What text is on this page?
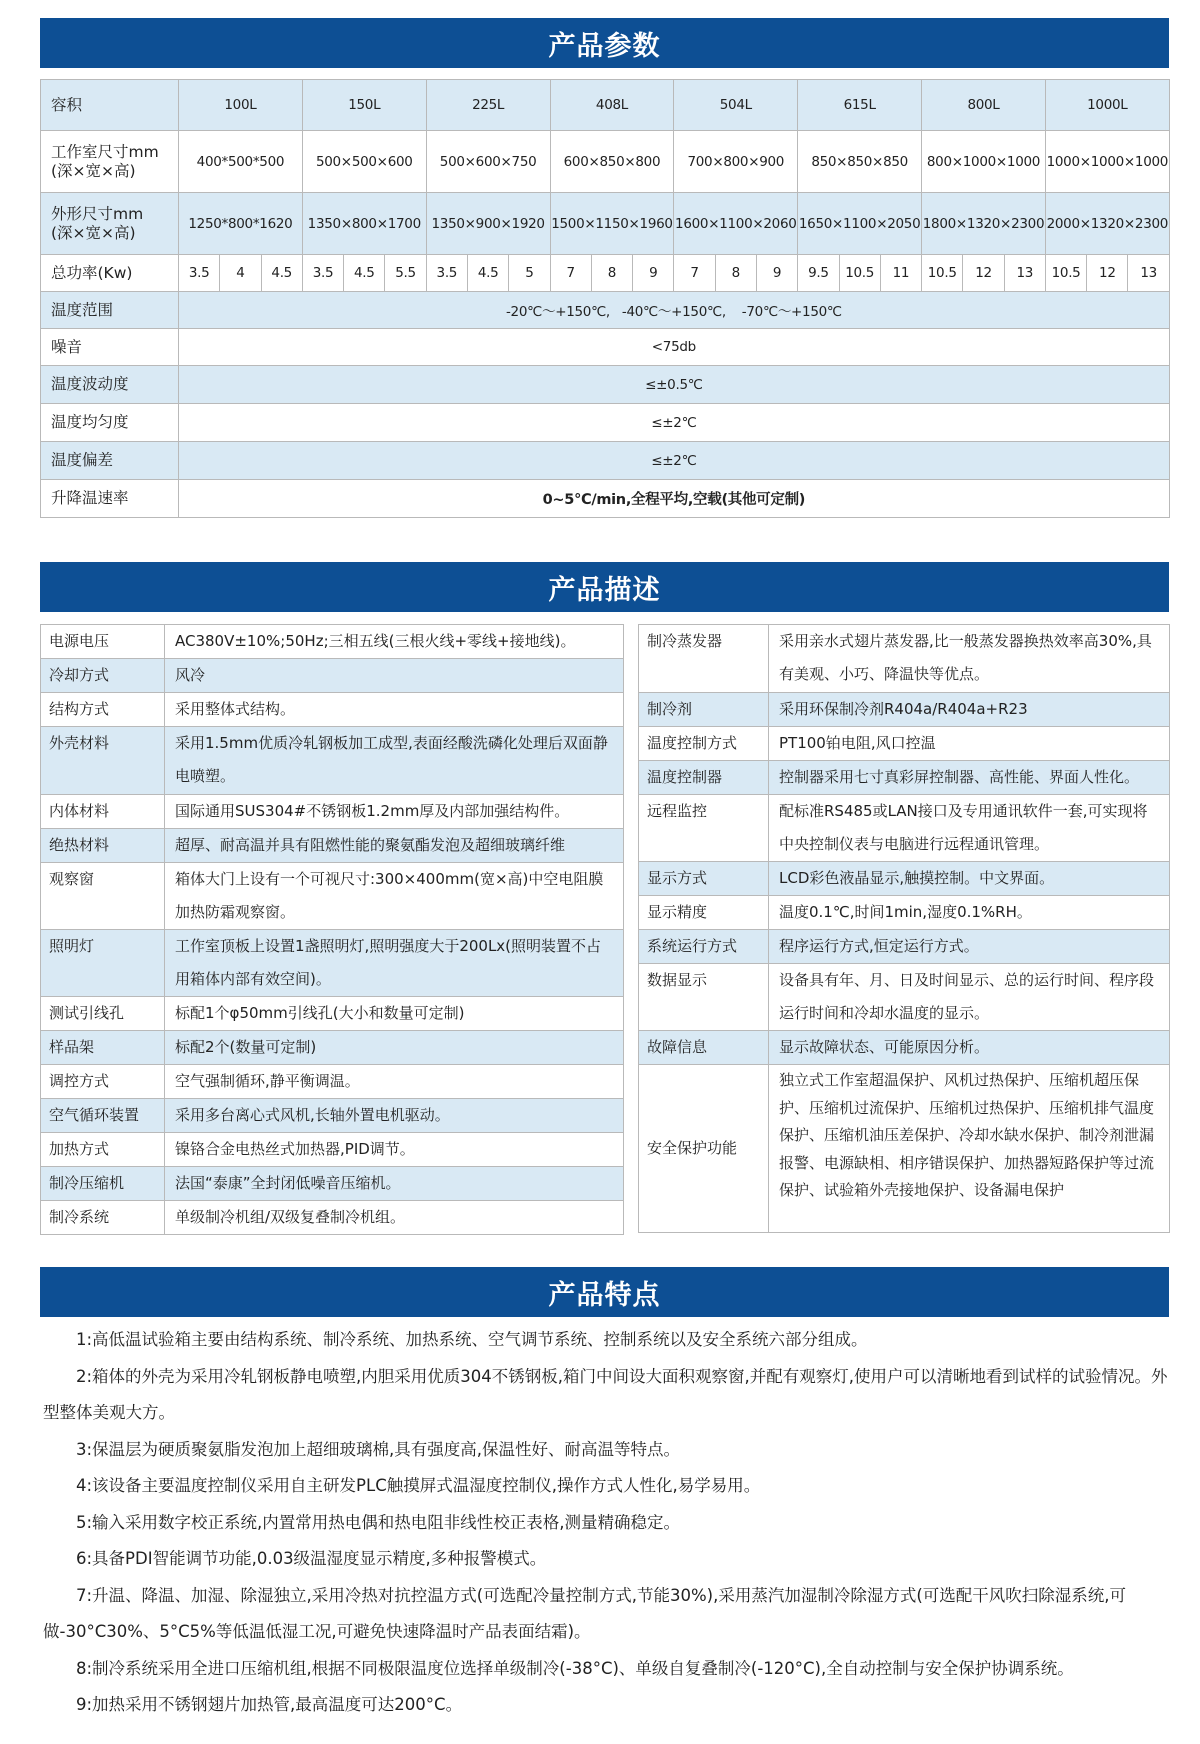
产品参数
产品描述
产品特点
容积	100L			150L			225L			408L			504L			615L			800L			1000L		

工作室尺寸mm
(深×宽×高)	400*500*500			500×500×600			500×600×750			600×850×800			700×800×900			850×850×850			800×1000×1000			1000×1000×1000		

外形尺寸mm
(深×宽×高)	1250*800*1620			1350×800×1700			1350×900×1920			1500×1150×1960			1600×1100×2060			1650×1100×2050			1800×1320×2300			2000×1320×2300		
总功率(Kw)	3.5	4	4.5	3.5	4.5	5.5	3.5	4.5	5	7	8	9	7	8	9	9.5	10.5	11	10.5	12	13	10.5	12	13
温度范围	-20℃～+150℃,   -40℃～+150℃,    -70℃～+150℃																							
噪音	<75db																							
温度波动度	≤±0.5℃																							
温度均匀度	≤±2℃																							
温度偏差	≤±2℃																							
升降温速率	0~5℃/min,全程平均,空载(其他可定制)																							
电源电压	AC380V±10%;50Hz;三相五线(三根火线+零线+接地线)。
冷却方式	风冷
结构方式	采用整体式结构。
外壳材料	采用1.5mm优质冷轧钢板加工成型,表面经酸洗磷化处理后双面静电喷塑。
内体材料	国际通用SUS304#不锈钢板1.2mm厚及内部加强结构件。
绝热材料	超厚、耐高温并具有阻燃性能的聚氨酯发泡及超细玻璃纤维
观察窗	箱体大门上设有一个可视尺寸:300×400mm(宽×高)中空电阻膜加热防霜观察窗。
照明灯	工作室顶板上设置1盏照明灯,照明强度大于200Lx(照明装置不占用箱体内部有效空间)。
测试引线孔	标配1个φ50mm引线孔(大小和数量可定制)
样品架	标配2个(数量可定制)
调控方式	空气强制循环,静平衡调温。
空气循环装置	采用多台离心式风机,长轴外置电机驱动。
加热方式	镍铬合金电热丝式加热器,PID调节。
制冷压缩机	法国“泰康”全封闭低噪音压缩机。
制冷系统	单级制冷机组/双级复叠制冷机组。
制冷蒸发器	采用亲水式翅片蒸发器,比一般蒸发器换热效率高30%,具有美观、小巧、降温快等优点。
制冷剂	采用环保制冷剂R404a/R404a+R23
温度控制方式	PT100铂电阻,风口控温
温度控制器	控制器采用七寸真彩屏控制器、高性能、界面人性化。
远程监控	配标准RS485或LAN接口及专用通讯软件一套,可实现将中央控制仪表与电脑进行远程通讯管理。
显示方式	LCD彩色液晶显示,触摸控制。中文界面。
显示精度	温度0.1℃,时间1min,湿度0.1%RH。
系统运行方式	程序运行方式,恒定运行方式。
数据显示	设备具有年、月、日及时间显示、总的运行时间、程序段运行时间和冷却水温度的显示。
故障信息	显示故障状态、可能原因分析。
安全保护功能	独立式工作室超温保护、风机过热保护、压缩机超压保护、压缩机过流保护、压缩机过热保护、压缩机排气温度保护、压缩机油压差保护、冷却水缺水保护、制冷剂泄漏报警、电源缺相、相序错误保护、加热器短路保护等过流保护、试验箱外壳接地保护、设备漏电保护

1:高低温试验箱主要由结构系统、制冷系统、加热系统、空气调节系统、控制系统以及安全系统六部分组成。

2:箱体的外壳为采用冷轧钢板静电喷塑,内胆采用优质304不锈钢板,箱门中间设大面积观察窗,并配有观察灯,使用户可以清晰地看到试样的试验情况。外型整体美观大方。

3:保温层为硬质聚氨脂发泡加上超细玻璃棉,具有强度高,保温性好、耐高温等特点。

4:该设备主要温度控制仪采用自主研发PLC触摸屏式温湿度控制仪,操作方式人性化,易学易用。

5:输入采用数字校正系统,内置常用热电偶和热电阻非线性校正表格,测量精确稳定。

6:具备PDI智能调节功能,0.03级温湿度显示精度,多种报警模式。

7:升温、降温、加湿、除湿独立,采用冷热对抗控温方式(可选配冷量控制方式,节能30%),采用蒸汽加湿制冷除湿方式(可选配干风吹扫除湿系统,可做-30°C30%、5°C5%等低温低湿工况,可避免快速降温时产品表面结霜)。

8:制冷系统采用全进口压缩机组,根据不同极限温度位选择单级制冷(-38°C)、单级自复叠制冷(-120°C),全自动控制与安全保护协调系统。

9:加热采用不锈钢翅片加热管,最高温度可达200°C。
